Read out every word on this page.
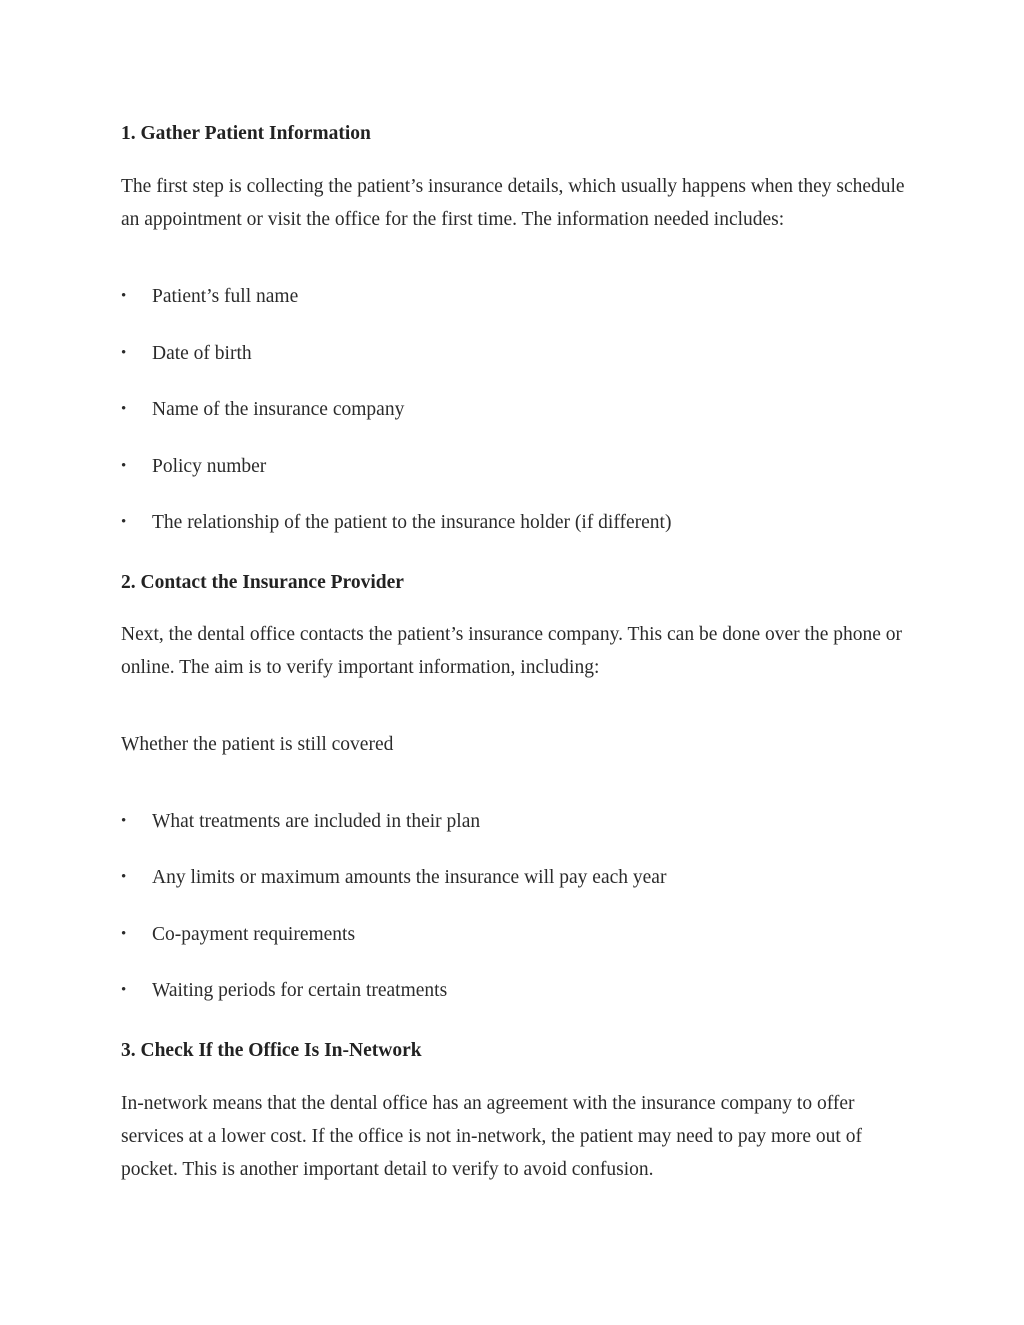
1. Gather Patient Information

The first step is collecting the patient’s insurance details, which usually happens when they schedule an appointment or visit the office for the first time. The information needed includes:

•	Patient’s full name
•	Date of birth
•	Name of the insurance company
•	Policy number
•	The relationship of the patient to the insurance holder (if different)
2. Contact the Insurance Provider

Next, the dental office contacts the patient’s insurance company. This can be done over the phone or online. The aim is to verify important information, including:

Whether the patient is still covered
•	What treatments are included in their plan
•	Any limits or maximum amounts the insurance will pay each year
•	Co-payment requirements
•	Waiting periods for certain treatments
3. Check If the Office Is In-Network

In-network means that the dental office has an agreement with the insurance company to offer services at a lower cost. If the office is not in-network, the patient may need to pay more out of pocket. This is another important detail to verify to avoid confusion.
